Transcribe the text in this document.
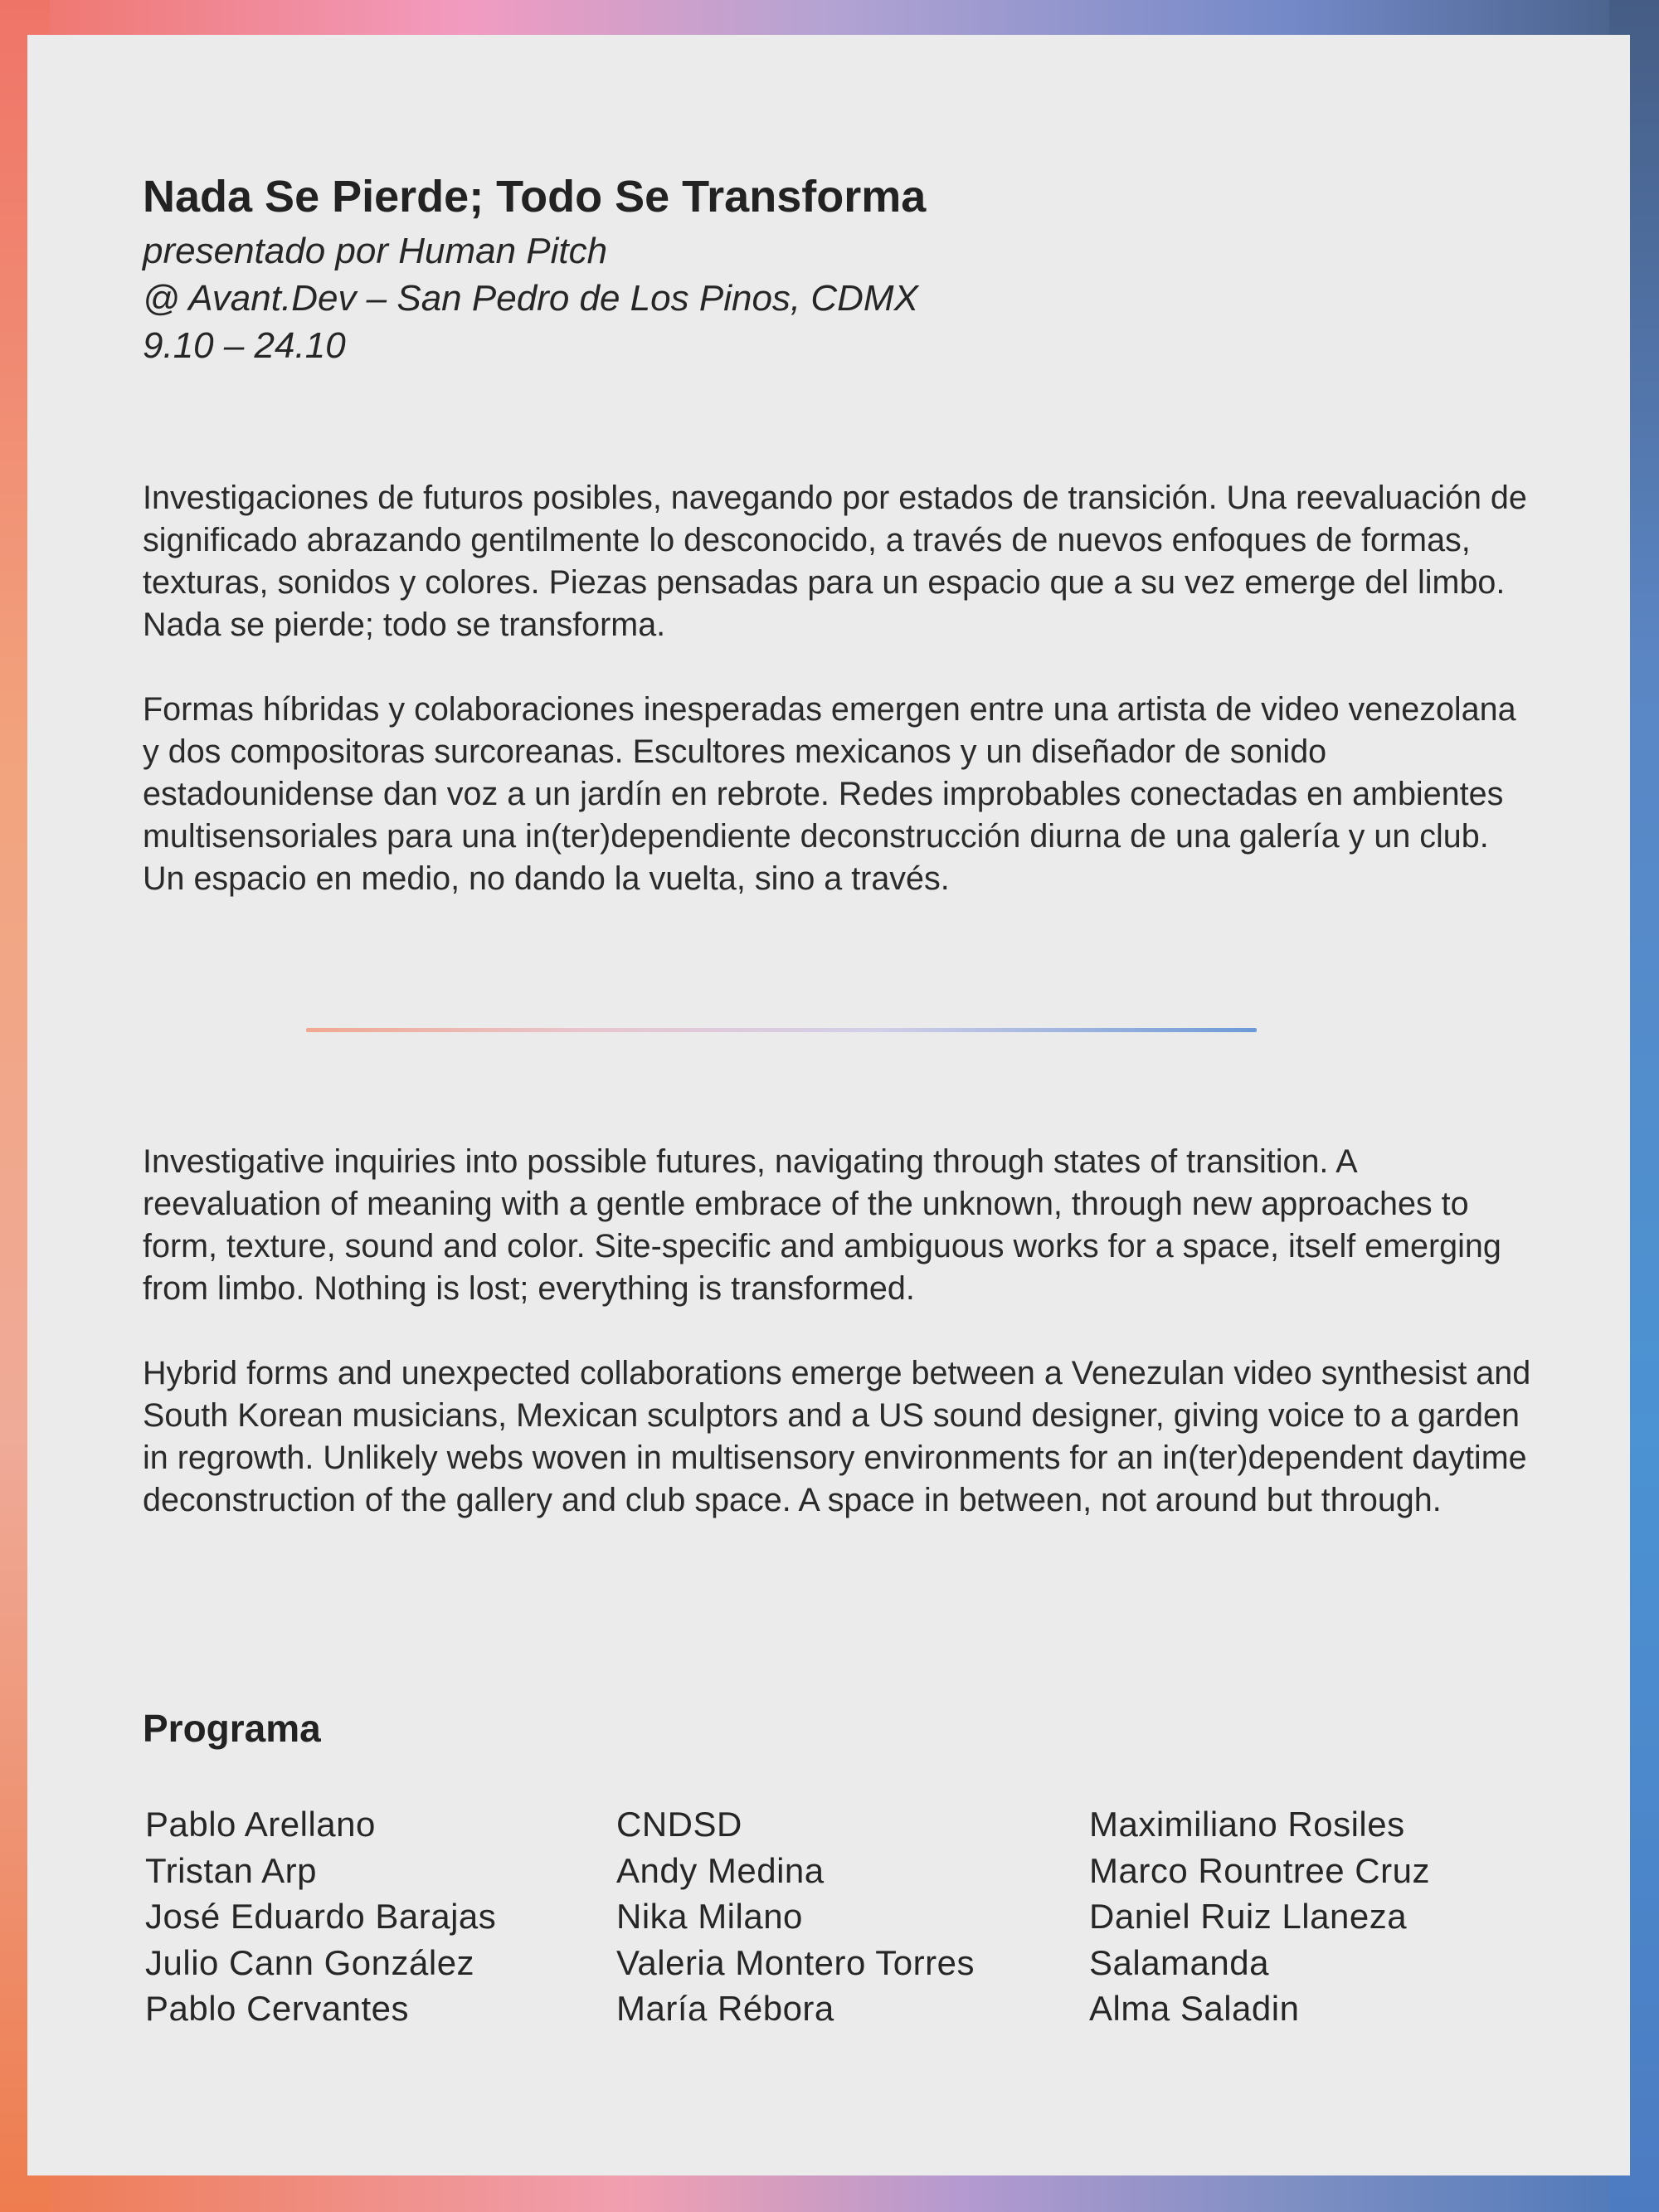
Nada Se Pierde; Todo Se Transforma
presentado por Human Pitch
@ Avant.Dev – San Pedro de Los Pinos, CDMX
9.10 – 24.10

Investigaciones de futuros posibles, navegando por estados de transición. Una reevaluación de significado abrazando gentilmente lo desconocido, a través de nuevos enfoques de formas, texturas, sonidos y colores. Piezas pensadas para un espacio que a su vez emerge del limbo. Nada se pierde; todo se transforma.

Formas híbridas y colaboraciones inesperadas emergen entre una artista de video venezolana y dos compositoras surcoreanas. Escultores mexicanos y un diseñador de sonido estadounidense dan voz a un jardín en rebrote. Redes improbables conectadas en ambientes multisensoriales para una in(ter)dependiente deconstrucción diurna de una galería y un club. Un espacio en medio, no dando la vuelta, sino a través.

Investigative inquiries into possible futures, navigating through states of transition. A reevaluation of meaning with a gentle embrace of the unknown, through new approaches to form, texture, sound and color. Site-specific and ambiguous works for a space, itself emerging from limbo. Nothing is lost; everything is transformed.

Hybrid forms and unexpected collaborations emerge between a Venezulan video synthesist and South Korean musicians, Mexican sculptors and a US sound designer, giving voice to a garden in regrowth. Unlikely webs woven in multisensory environments for an in(ter)dependent daytime deconstruction of the gallery and club space. A space in between, not around but through.

Programa
Pablo Arellano
Tristan Arp
José Eduardo Barajas
Julio Cann González
Pablo Cervantes
CNDSD
Andy Medina
Nika Milano
Valeria Montero Torres
María Rébora
Maximiliano Rosiles
Marco Rountree Cruz
Daniel Ruiz Llaneza
Salamanda
Alma Saladin
